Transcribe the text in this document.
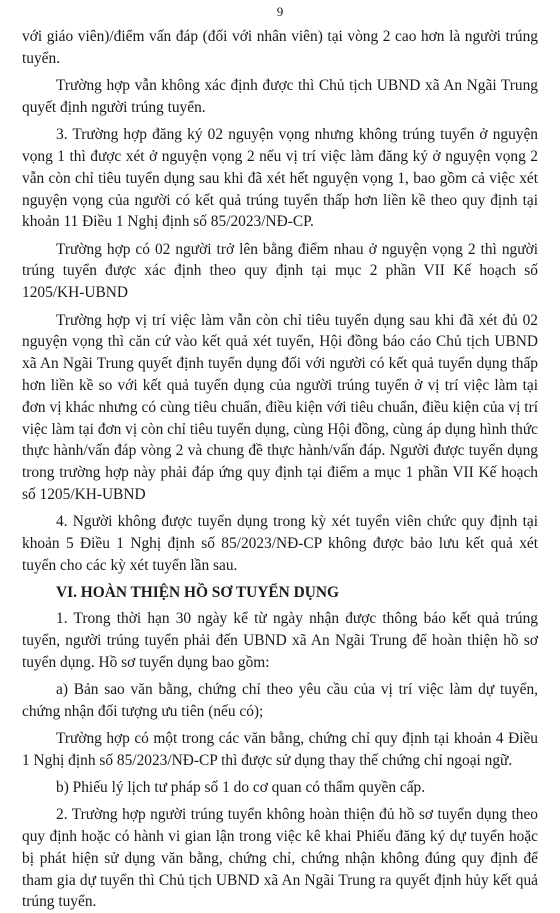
9

với giáo viên)/điểm vấn đáp (đối với nhân viên) tại vòng 2 cao hơn là người trúng tuyển.

Trường hợp vẫn không xác định được thì Chủ tịch UBND xã An Ngãi Trung quyết định người trúng tuyển.

3. Trường hợp đăng ký 02 nguyện vọng nhưng không trúng tuyển ở nguyện vọng 1 thì được xét ở nguyện vọng 2 nếu vị trí việc làm đăng ký ở nguyện vọng 2 vẫn còn chỉ tiêu tuyển dụng sau khi đã xét hết nguyện vọng 1, bao gồm cả việc xét nguyện vọng của người có kết quả trúng tuyển thấp hơn liền kề theo quy định tại khoản 11 Điều 1 Nghị định số 85/2023/NĐ-CP.

Trường hợp có 02 người trở lên bằng điểm nhau ở nguyện vọng 2 thì người trúng tuyển được xác định theo quy định tại mục 2 phần VII Kế hoạch số 1205/KH-UBND

Trường hợp vị trí việc làm vẫn còn chỉ tiêu tuyển dụng sau khi đã xét đủ 02 nguyện vọng thì căn cứ vào kết quả xét tuyển, Hội đồng báo cáo Chủ tịch UBND xã An Ngãi Trung quyết định tuyển dụng đối với người có kết quả tuyển dụng thấp hơn liền kề so với kết quả tuyển dụng của người trúng tuyển ở vị trí việc làm tại đơn vị khác nhưng có cùng tiêu chuẩn, điều kiện với tiêu chuẩn, điều kiện của vị trí việc làm tại đơn vị còn chỉ tiêu tuyển dụng, cùng Hội đồng, cùng áp dụng hình thức thực hành/vấn đáp vòng 2 và chung đề thực hành/vấn đáp. Người được tuyển dụng trong trường hợp này phải đáp ứng quy định tại điểm a mục 1 phần VII Kế hoạch số 1205/KH-UBND

4. Người không được tuyển dụng trong kỳ xét tuyển viên chức quy định tại khoản 5 Điều 1 Nghị định số 85/2023/NĐ-CP không được bảo lưu kết quả xét tuyển cho các kỳ xét tuyển lần sau.

VI. HOÀN THIỆN HỒ SƠ TUYỂN DỤNG

1. Trong thời hạn 30 ngày kể từ ngày nhận được thông báo kết quả trúng tuyển, người trúng tuyển phải đến UBND xã An Ngãi Trung để hoàn thiện hồ sơ tuyển dụng. Hồ sơ tuyển dụng bao gồm:

a) Bản sao văn bằng, chứng chỉ theo yêu cầu của vị trí việc làm dự tuyển, chứng nhận đối tượng ưu tiên (nếu có);

Trường hợp có một trong các văn bằng, chứng chỉ quy định tại khoản 4 Điều 1 Nghị định số 85/2023/NĐ-CP thì được sử dụng thay thế chứng chỉ ngoại ngữ.

b) Phiếu lý lịch tư pháp số 1 do cơ quan có thẩm quyền cấp.

2. Trường hợp người trúng tuyển không hoàn thiện đủ hồ sơ tuyển dụng theo quy định hoặc có hành vi gian lận trong việc kê khai Phiếu đăng ký dự tuyển hoặc bị phát hiện sử dụng văn bằng, chứng chỉ, chứng nhận không đúng quy định để tham gia dự tuyển thì Chủ tịch UBND xã An Ngãi Trung ra quyết định hủy kết quả trúng tuyển.
